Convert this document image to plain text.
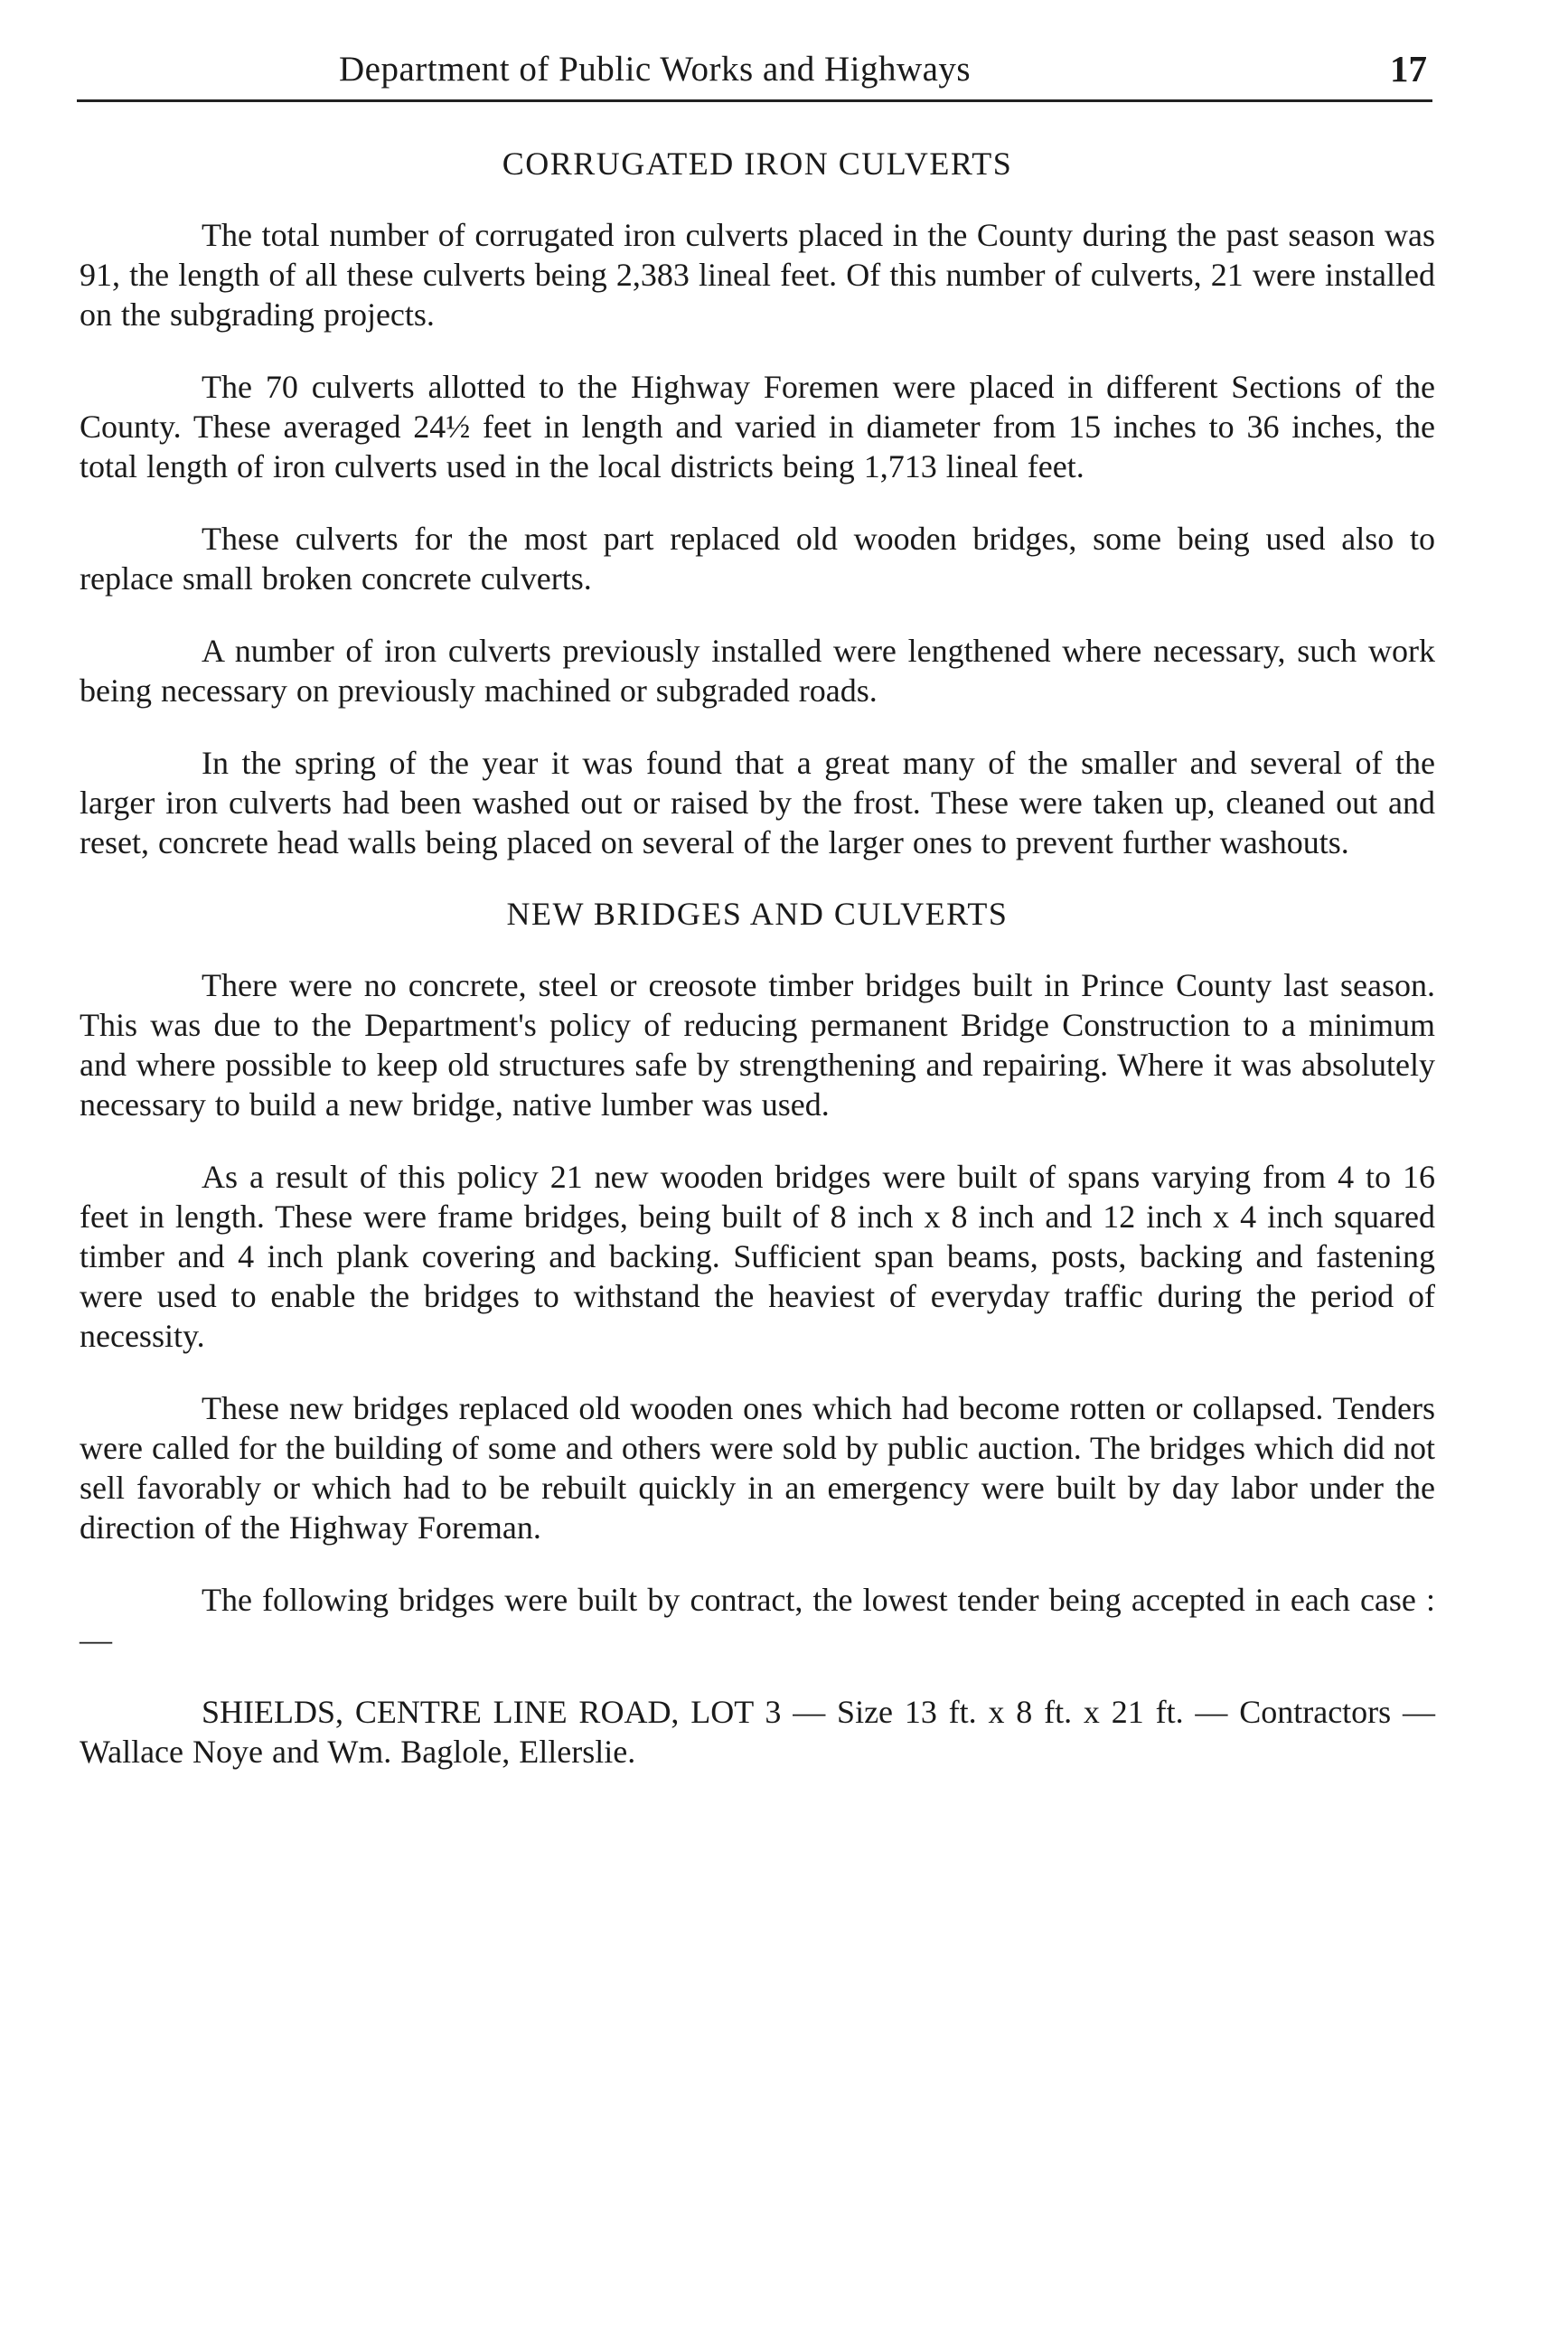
Department of Public Works and Highways	17
CORRUGATED IRON CULVERTS

The total number of corrugated iron culverts placed in the County during the past season was 91, the length of all these culverts being 2,383 lineal feet. Of this number of culverts, 21 were installed on the subgrading projects.

The 70 culverts allotted to the Highway Foremen were placed in different Sections of the County. These averaged 24½ feet in length and varied in diameter from 15 inches to 36 inches, the total length of iron culverts used in the local districts being 1,713 lineal feet.

These culverts for the most part replaced old wooden bridges, some being used also to replace small broken concrete culverts.

A number of iron culverts previously installed were lengthened where necessary, such work being necessary on previously machined or subgraded roads.

In the spring of the year it was found that a great many of the smaller and several of the larger iron culverts had been washed out or raised by the frost. These were taken up, cleaned out and reset, concrete head walls being placed on several of the larger ones to prevent further washouts.

NEW BRIDGES AND CULVERTS

There were no concrete, steel or creosote timber bridges built in Prince County last season. This was due to the Department's policy of reducing permanent Bridge Construction to a minimum and where possible to keep old structures safe by strengthening and repairing. Where it was absolutely necessary to build a new bridge, native lumber was used.

As a result of this policy 21 new wooden bridges were built of spans varying from 4 to 16 feet in length. These were frame bridges, being built of 8 inch x 8 inch and 12 inch x 4 inch squared timber and 4 inch plank covering and backing. Sufficient span beams, posts, backing and fastening were used to enable the bridges to withstand the heaviest of everyday traffic during the period of necessity.

These new bridges replaced old wooden ones which had become rotten or collapsed. Tenders were called for the building of some and others were sold by public auction. The bridges which did not sell favorably or which had to be rebuilt quickly in an emergency were built by day labor under the direction of the Highway Foreman.

The following bridges were built by contract, the lowest tender being accepted in each case :—

SHIELDS, CENTRE LINE ROAD, LOT 3 — Size 13 ft. x 8 ft. x 21 ft. — Contractors — Wallace Noye and Wm. Baglole, Ellerslie.
